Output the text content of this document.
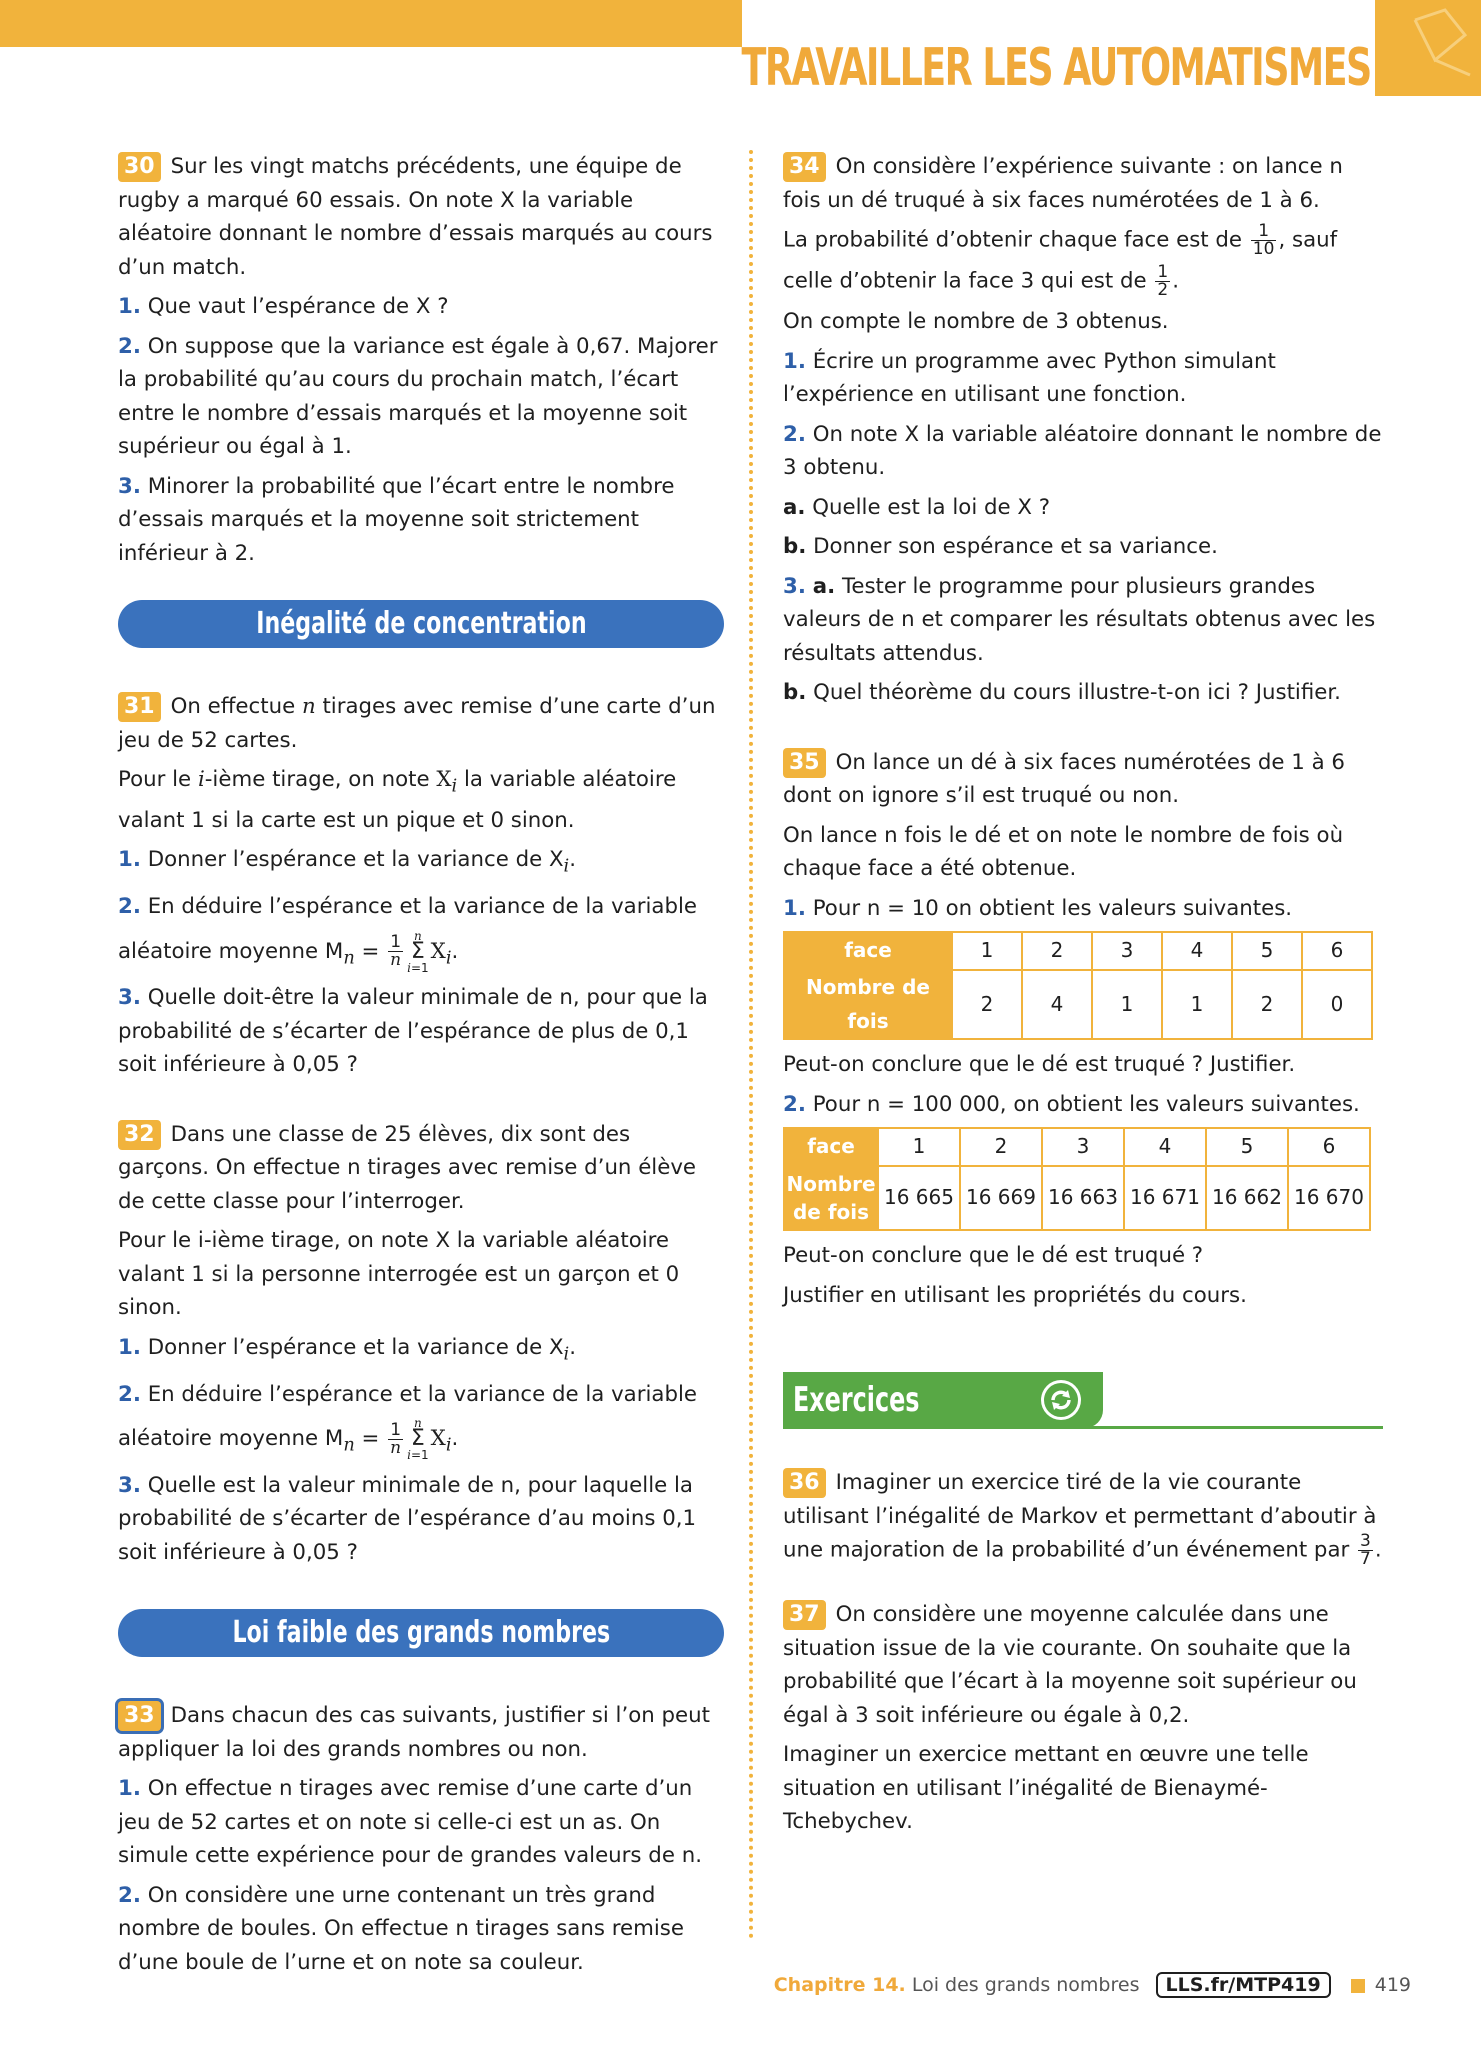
TRAVAILLER LES AUTOMATISMES

30 Sur les vingt matchs précédents, une équipe de rugby a marqué 60 essais. On note X la variable aléatoire donnant le nombre d’essais marqués au cours d’un match.

1. Que vaut l’espérance de X ?

2. On suppose que la variance est égale à 0,67. Majorer la probabilité qu’au cours du prochain match, l’écart entre le nombre d’essais marqués et la moyenne soit supérieur ou égal à 1.

3. Minorer la probabilité que l’écart entre le nombre d’essais marqués et la moyenne soit strictement inférieur à 2.

Inégalité de concentration

31 On effectue n tirages avec remise d’une carte d’un jeu de 52 cartes.

Pour le i-ième tirage, on note $X_i$ la variable aléatoire valant 1 si la carte est un pique et 0 sinon.

1. Donner l’espérance et la variance de $X_i$.

2. En déduire l’espérance et la variance de la variable

aléatoire moyenne $M_n = \frac{1}{n}$ n
Σ
$i=1X_i$.

3. Quelle doit-être la valeur minimale de n, pour que la probabilité de s’écarter de l’espérance de plus de 0,1 soit inférieure à 0,05 ?

32 Dans une classe de 25 élèves, dix sont des garçons. On effectue n tirages avec remise d’un élève de cette classe pour l’interroger.

Pour le i-ième tirage, on note X la variable aléatoire valant 1 si la personne interrogée est un garçon et 0 sinon.

1. Donner l’espérance et la variance de $X_i$.

2. En déduire l’espérance et la variance de la variable

aléatoire moyenne $M_n = \frac{1}{n}$ n
Σ
$i=1X_i$.

3. Quelle est la valeur minimale de n, pour laquelle la probabilité de s’écarter de l’espérance d’au moins 0,1 soit inférieure à 0,05 ?

Loi faible des grands nombres

33 Dans chacun des cas suivants, justifier si l’on peut appliquer la loi des grands nombres ou non.

1. On effectue n tirages avec remise d’une carte d’un jeu de 52 cartes et on note si celle-ci est un as. On simule cette expérience pour de grandes valeurs de n.

2. On considère une urne contenant un très grand nombre de boules. On effectue n tirages sans remise d’une boule de l’urne et on note sa couleur.

34 On considère l’expérience suivante : on lance n fois un dé truqué à six faces numérotées de 1 à 6.

La probabilité d’obtenir chaque face est de $\frac{1}{10}$ , sauf

celle d’obtenir la face 3 qui est de $\frac{1}{2}$ .

On compte le nombre de 3 obtenus.

1. Écrire un programme avec Python simulant l’expérience en utilisant une fonction.

2. On note X la variable aléatoire donnant le nombre de 3 obtenu.

a. Quelle est la loi de X ?

b. Donner son espérance et sa variance.

3. a. Tester le programme pour plusieurs grandes valeurs de n et comparer les résultats obtenus avec les résultats attendus.

b. Quel théorème du cours illustre-t-on ici ? Justifier.

35 On lance un dé à six faces numérotées de 1 à 6 dont on ignore s’il est truqué ou non.

On lance n fois le dé et on note le nombre de fois où chaque face a été obtenue.

1. Pour n = 10 on obtient les valeurs suivantes.

face	1	2	3	4	5	6
Nombre de fois	2	4	1	1	2	0

Peut-on conclure que le dé est truqué ? Justifier.

2. Pour n = 100 000, on obtient les valeurs suivantes.

face	1	2	3	4	5	6
Nombre
de fois	16 665	16 669	16 663	16 671	16 662	16 670

Peut-on conclure que le dé est truqué ?

Justifier en utilisant les propriétés du cours.

Exercices inversés

36 Imaginer un exercice tiré de la vie courante utilisant l’inégalité de Markov et permettant d’aboutir à une majoration de la probabilité d’un événement par $\frac{3}{7}$ .

37 On considère une moyenne calculée dans une situation issue de la vie courante. On souhaite que la probabilité que l’écart à la moyenne soit supérieur ou égal à 3 soit inférieure ou égale à 0,2.

Imaginer un exercice mettant en œuvre une telle situation en utilisant l’inégalité de Bienaymé-Tchebychev.

Chapitre 14. Loi des grands nombres LLS.fr/MTP419	419
